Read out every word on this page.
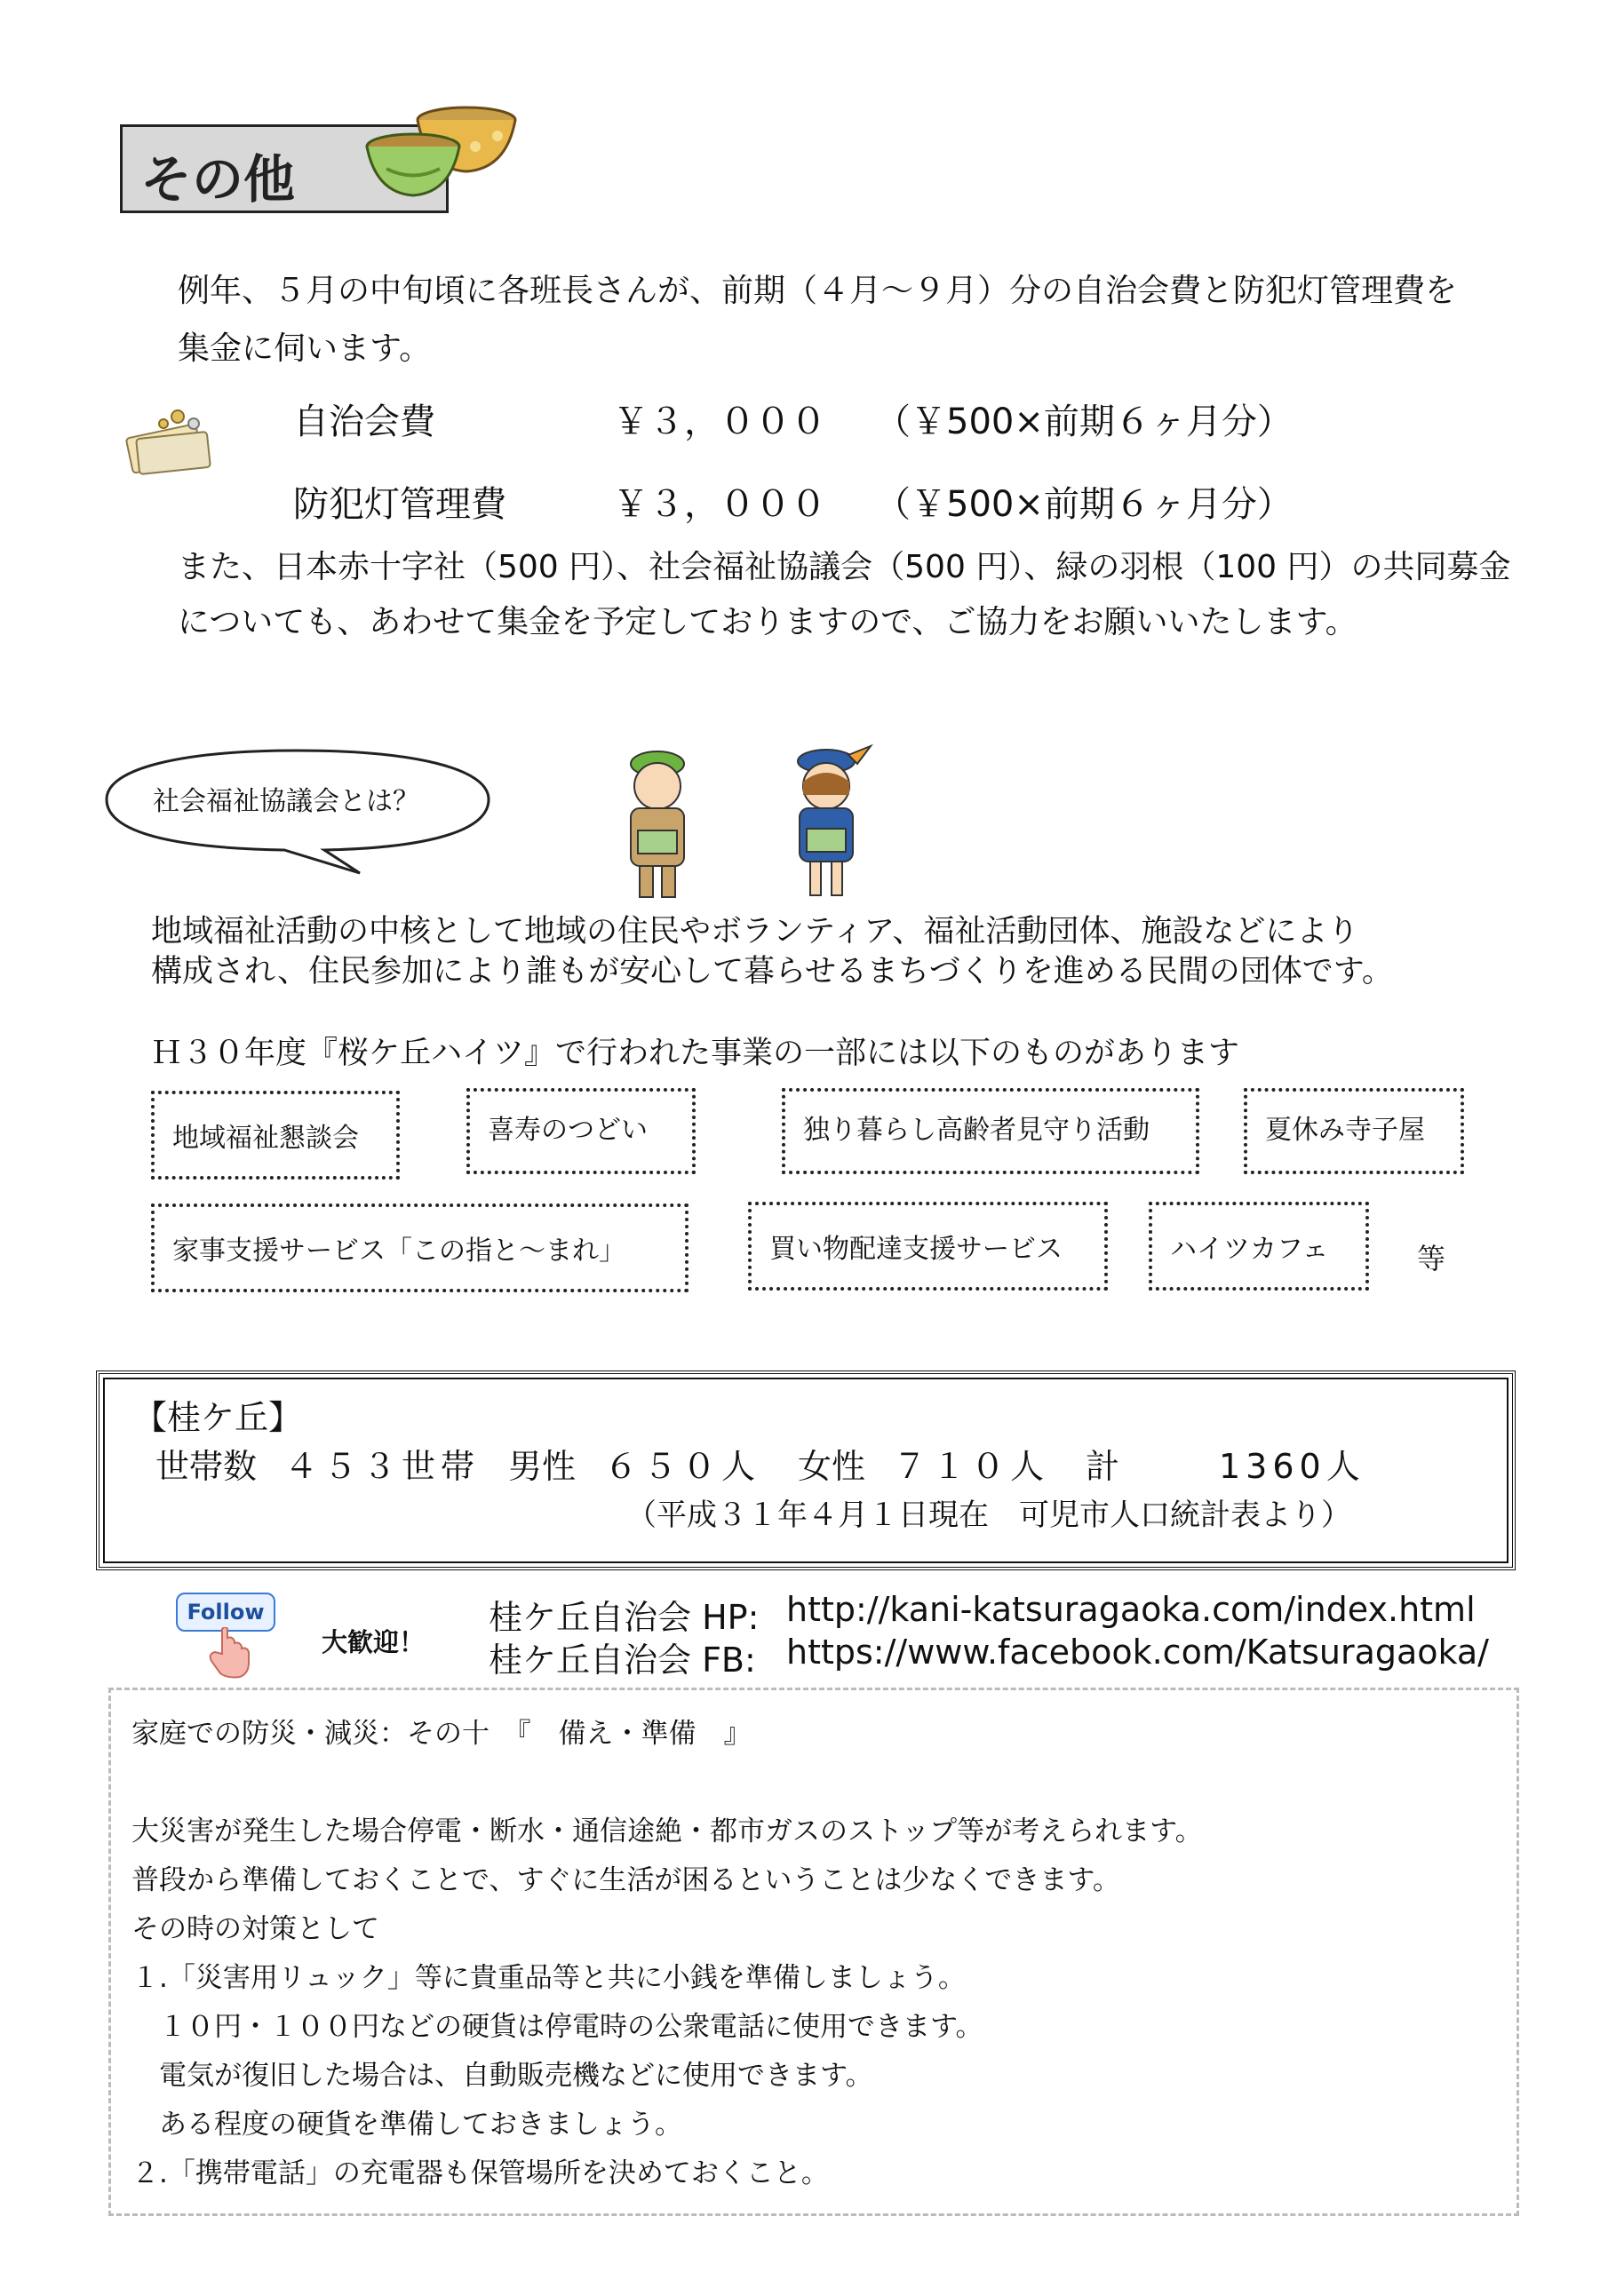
その他
例年、５月の中旬頃に各班長さんが、前期（４月～９月）分の自治会費と防犯灯管理費を
集金に伺います。
自治会費	￥３，０００ （￥500×前期６ヶ月分）
防犯灯管理費	￥３，０００ （￥500×前期６ヶ月分）
また、日本赤十字社（500 円）、社会福祉協議会（500 円）、緑の羽根（100 円）の共同募金
についても、あわせて集金を予定しておりますので、ご協力をお願いいたします。
社会福祉協議会とは？
地域福祉活動の中核として地域の住民やボランティア、福祉活動団体、施設などにより
構成され、住民参加により誰もが安心して暮らせるまちづくりを進める民間の団体です。
Ｈ３０年度『桜ケ丘ハイツ』で行われた事業の一部には以下のものがあります
地域福祉懇談会	喜寿のつどい	独り暮らし高齢者見守り活動	夏休み寺子屋
家事支援サービス「この指と～まれ」	買い物配達支援サービス	ハイツカフェ	等
【桂ケ丘】
世帯数 ４５３世帯 男性 ６５０人 女性 ７１０人 計	1360人
（平成３１年４月１日現在　可児市人口統計表より）
Follow
大歓迎！
桂ケ丘自治会 HP: http://kani-katsuragaoka.com/index.html
桂ケ丘自治会 FB: https://www.facebook.com/Katsuragaoka/
家庭での防災・減災：その十　『　備え・準備　』
大災害が発生した場合停電・断水・通信途絶・都市ガスのストップ等が考えられます。
普段から準備しておくことで、すぐに生活が困るということは少なくできます。
その時の対策として
１.「災害用リュック」等に貴重品等と共に小銭を準備しましょう。
　１０円・１００円などの硬貨は停電時の公衆電話に使用できます。
　電気が復旧した場合は、自動販売機などに使用できます。
　ある程度の硬貨を準備しておきましょう。
２.「携帯電話」の充電器も保管場所を決めておくこと。
